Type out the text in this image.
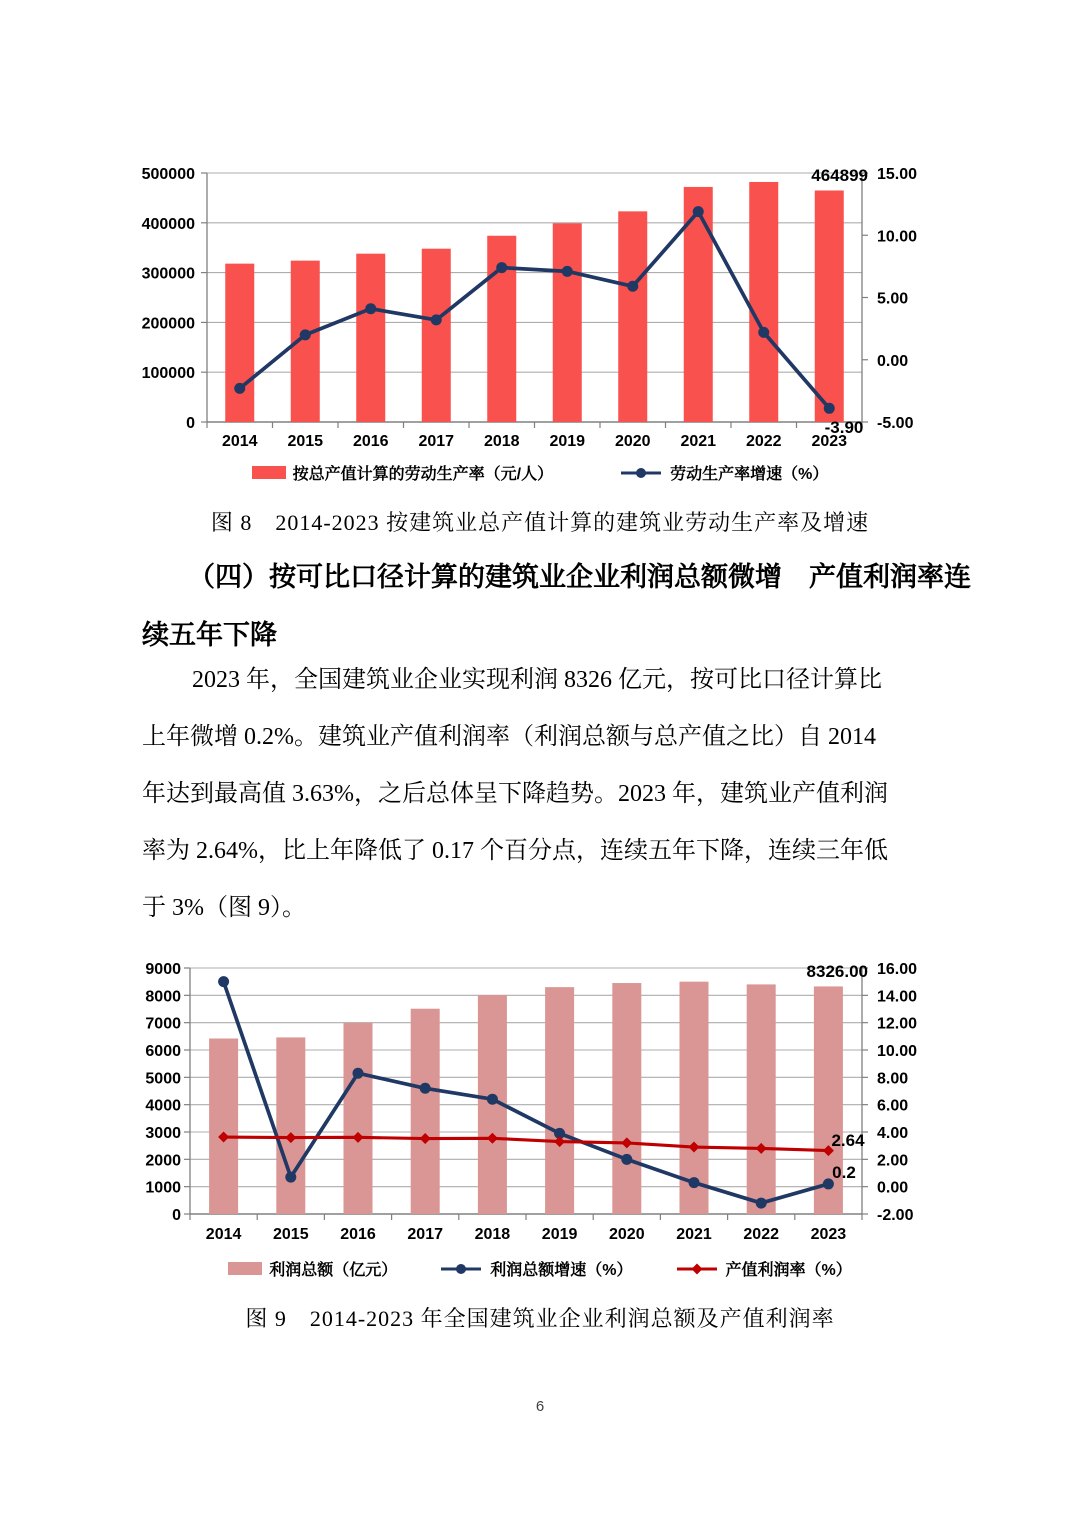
0
100000
200000
300000
400000
500000
-5.00
0.00
5.00
10.00
15.00
2014 2015 2016 2017 2018 2019 2020 2021 2022 2023
464899
-3.90
按总产值计算的劳动生产率（元/人）	劳动生产率增速（%）
图 8　2014-2023 按建筑业总产值计算的建筑业劳动生产率及增速
（四）按可比口径计算的建筑业企业利润总额微增　产值利润率连
续五年下降
2023 年，全国建筑业企业实现利润 8326 亿元，按可比口径计算比
上年微增 0.2%。建筑业产值利润率（利润总额与总产值之比）自 2014
年达到最高值 3.63%，之后总体呈下降趋势。2023 年，建筑业产值利润
率为 2.64%，比上年降低了 0.17 个百分点，连续五年下降，连续三年低
于 3%（图 9）。
0
1000
2000
3000
4000
5000
6000
7000
8000
9000
-2.00
0.00
2.00
4.00
6.00
8.00
10.00
12.00
14.00
16.00
2014 2015 2016 2017 2018 2019 2020 2021 2022 2023
8326.00
2.64
0.2
利润总额（亿元）	利润总额增速（%）	产值利润率（%）
图 9　2014-2023 年全国建筑业企业利润总额及产值利润率
6
